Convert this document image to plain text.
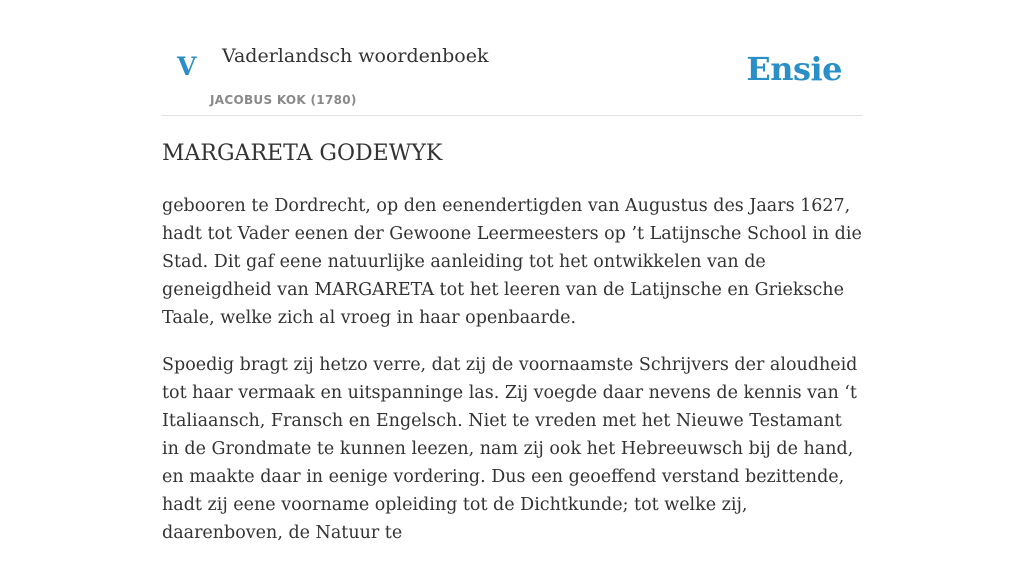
V Vaderlandsch woordenboek
JACOBUS KOK (1780)
Ensie
MARGARETA GODEWYK

gebooren te Dordrecht, op den eenendertigden van Augustus des Jaars 1627, hadt tot Vader eenen der Gewoone Leermeesters op ’t Latijnsche School in die Stad. Dit gaf eene natuurlijke aanleiding tot het ontwikkelen van de geneigdheid van MARGARETA tot het leeren van de Latijnsche en Grieksche Taale, welke zich al vroeg in haar openbaarde.

Spoedig bragt zij hetzo verre, dat zij de voornaamste Schrijvers der aloudheid tot haar vermaak en uitspanninge las. Zij voegde daar nevens de kennis van ‘t Italiaansch, Fransch en Engelsch. Niet te vreden met het Nieuwe Testamant in de Grondmate te kunnen leezen, nam zij ook het Hebreeuwsch bij de hand, en maakte daar in eenige vordering. Dus een geoeffend verstand bezittende, hadt zij eene voorname opleiding tot de Dichtkunde; tot welke zij, daarenboven, de Natuur te
